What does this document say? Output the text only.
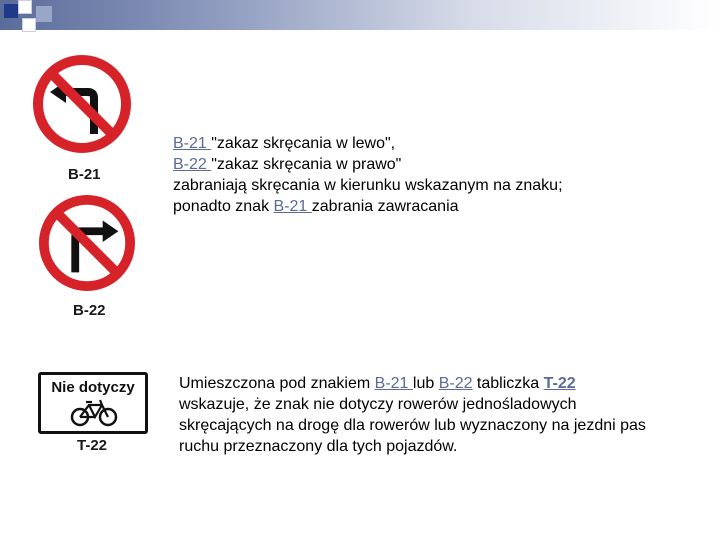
B-21
B-22
Nie dotyczy
T-22

B-21 "zakaz skręcania w lewo",

B-22 "zakaz skręcania w prawo"

zabraniają skręcania w kierunku wskazanym na znaku;

ponadto znak B-21 zabrania zawracania

Umieszczona pod znakiem B-21 lub B-22 tabliczka T-22 wskazuje, że znak nie dotyczy rowerów jednośladowych skręcających na drogę dla rowerów lub wyznaczony na jezdni pas ruchu przeznaczony dla tych pojazdów.
